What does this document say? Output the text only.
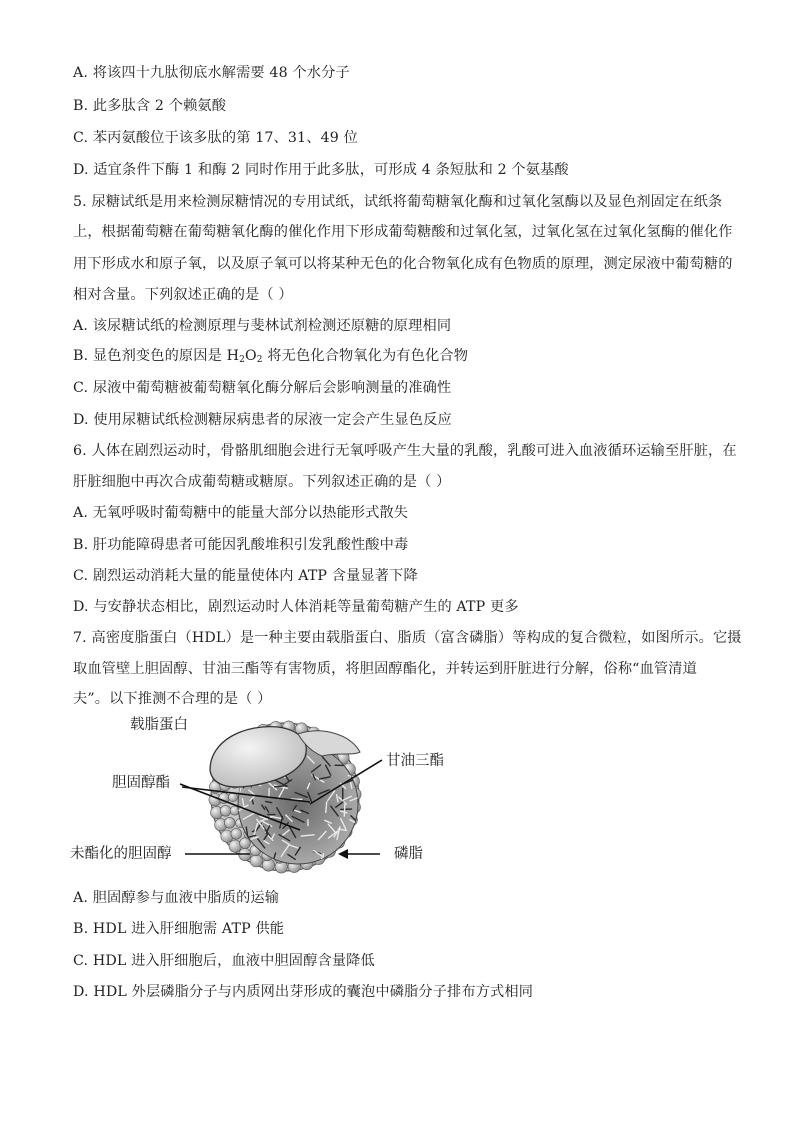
A. 将该四十九肽彻底水解需要 48 个水分子
B. 此多肽含 2 个赖氨酸
C. 苯丙氨酸位于该多肽的第 17、31、49 位
D. 适宜条件下酶 1 和酶 2 同时作用于此多肽，可形成 4 条短肽和 2 个氨基酸
5. 尿糖试纸是用来检测尿糖情况的专用试纸，试纸将葡萄糖氧化酶和过氧化氢酶以及显色剂固定在纸条
上，根据葡萄糖在葡萄糖氧化酶的催化作用下形成葡萄糖酸和过氧化氢，过氧化氢在过氧化氢酶的催化作
用下形成水和原子氧，以及原子氧可以将某种无色的化合物氧化成有色物质的原理，测定尿液中葡萄糖的
相对含量。下列叙述正确的是（ ）
A. 该尿糖试纸的检测原理与斐林试剂检测还原糖的原理相同
B. 显色剂变色的原因是 $H_2O_2$ 将无色化合物氧化为有色化合物
C. 尿液中葡萄糖被葡萄糖氧化酶分解后会影响测量的准确性
D. 使用尿糖试纸检测糖尿病患者的尿液一定会产生显色反应
6. 人体在剧烈运动时，骨骼肌细胞会进行无氧呼吸产生大量的乳酸，乳酸可进入血液循环运输至肝脏，在
肝脏细胞中再次合成葡萄糖或糖原。下列叙述正确的是（ ）
A. 无氧呼吸时葡萄糖中的能量大部分以热能形式散失
B. 肝功能障碍患者可能因乳酸堆积引发乳酸性酸中毒
C. 剧烈运动消耗大量的能量使体内 ATP 含量显著下降
D. 与安静状态相比，剧烈运动时人体消耗等量葡萄糖产生的 ATP 更多
7. 高密度脂蛋白（HDL）是一种主要由载脂蛋白、脂质（富含磷脂）等构成的复合微粒，如图所示。它摄
取血管壁上胆固醇、甘油三酯等有害物质，将胆固醇酯化，并转运到肝脏进行分解，俗称“血管清道
夫”。以下推测不合理的是（ ）
载脂蛋白
甘油三酯
胆固醇酯
未酯化的胆固醇	磷脂
A. 胆固醇参与血液中脂质的运输
B. HDL 进入肝细胞需 ATP 供能
C. HDL 进入肝细胞后，血液中胆固醇含量降低
D. HDL 外层磷脂分子与内质网出芽形成的囊泡中磷脂分子排布方式相同
